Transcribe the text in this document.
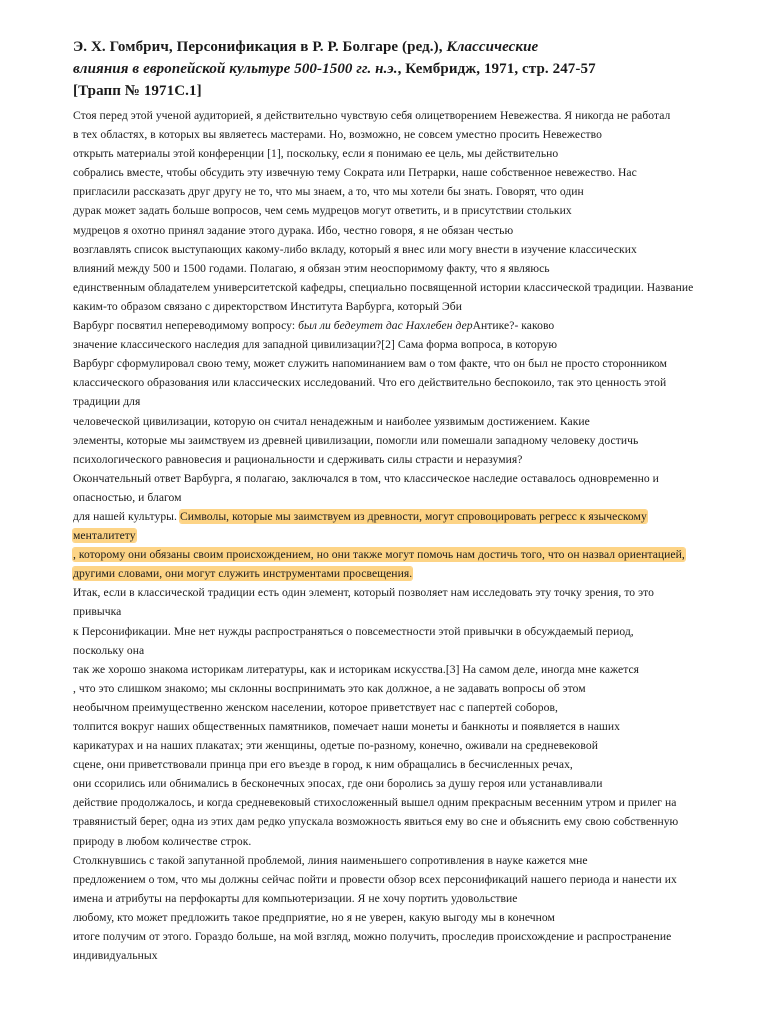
Э. Х. Гомбрич, Персонификация в Р. Р. Болгаре (ред.), Классические
влияния в европейской культуре 500-1500 гг. н.э., Кембридж, 1971, стр. 247-57
[Трапп № 1971С.1]
Стоя перед этой ученой аудиторией, я действительно чувствую себя олицетворением Невежества. Я никогда не работал
в тех областях, в которых вы являетесь мастерами. Но, возможно, не совсем уместно просить Невежество
открыть материалы этой конференции [1], поскольку, если я понимаю ее цель, мы действительно
собрались вместе, чтобы обсудить эту извечную тему Сократа или Петрарки, наше собственное невежество. Нас
пригласили рассказать друг другу не то, что мы знаем, а то, что мы хотели бы знать. Говорят, что один
дурак может задать больше вопросов, чем семь мудрецов могут ответить, и в присутствии стольких
мудрецов я охотно принял задание этого дурака. Ибо, честно говоря, я не обязан честью
возглавлять список выступающих какому-либо вкладу, который я внес или могу внести в изучение классических
влияний между 500 и 1500 годами. Полагаю, я обязан этим неоспоримому факту, что я являюсь
единственным обладателем университетской кафедры, специально посвященной истории классической традиции. Название
каким-то образом связано с директорством Института Варбурга, который Эби
Варбург посвятил непереводимому вопросу: был ли бедеутет дас Нахлебен дерАнтике?- каково
значение классического наследия для западной цивилизации?[2] Сама форма вопроса, в которую
Варбург сформулировал свою тему, может служить напоминанием вам о том факте, что он был не просто сторонником
классического образования или классических исследований. Что его действительно беспокоило, так это ценность этой
традиции для
человеческой цивилизации, которую он считал ненадежным и наиболее уязвимым достижением. Какие
элементы, которые мы заимствуем из древней цивилизации, помогли или помешали западному человеку достичь
психологического равновесия и рациональности и сдерживать силы страсти и неразумия?
Окончательный ответ Варбурга, я полагаю, заключался в том, что классическое наследие оставалось одновременно и
опасностью, и благом
для нашей культуры. Символы, которые мы заимствуем из древности, могут спровоцировать регресс к языческому
менталитету
, которому они обязаны своим происхождением, но они также могут помочь нам достичь того, что он назвал ориентацией,
другими словами, они могут служить инструментами просвещения.
Итак, если в классической традиции есть один элемент, который позволяет нам исследовать эту точку зрения, то это
привычка
к Персонификации. Мне нет нужды распространяться о повсеместности этой привычки в обсуждаемый период,
поскольку она
так же хорошо знакома историкам литературы, как и историкам искусства.[3] На самом деле, иногда мне кажется
, что это слишком знакомо; мы склонны воспринимать это как должное, а не задавать вопросы об этом
необычном преимущественно женском населении, которое приветствует нас с папертей соборов,
толпится вокруг наших общественных памятников, помечает наши монеты и банкноты и появляется в наших
карикатурах и на наших плакатах; эти женщины, одетые по-разному, конечно, оживали на средневековой
сцене, они приветствовали принца при его въезде в город, к ним обращались в бесчисленных речах,
они ссорились или обнимались в бесконечных эпосах, где они боролись за душу героя или устанавливали
действие продолжалось, и когда средневековый стихосложенный вышел одним прекрасным весенним утром и прилег на
травянистый берег, одна из этих дам редко упускала возможность явиться ему во сне и объяснить ему свою собственную
природу в любом количестве строк.
Столкнувшись с такой запутанной проблемой, линия наименьшего сопротивления в науке кажется мне
предложением о том, что мы должны сейчас пойти и провести обзор всех персонификаций нашего периода и нанести их
имена и атрибуты на перфокарты для компьютеризации. Я не хочу портить удовольствие
любому, кто может предложить такое предприятие, но я не уверен, какую выгоду мы в конечном
итоге получим от этого. Гораздо больше, на мой взгляд, можно получить, проследив происхождение и распространение
индивидуальных
